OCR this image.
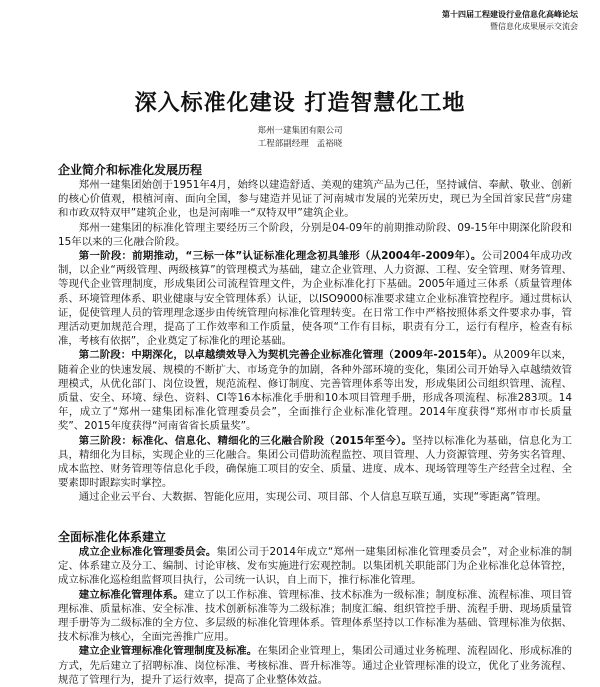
第十四届工程建设行业信息化高峰论坛
暨信息化成果展示交流会
深入标准化建设 打造智慧化工地
郑州一建集团有限公司
工程部副经理   孟裕晓
企业简介和标准化发展历程

郑州一建集团始创于1951年4月，始终以建造舒适、美观的建筑产品为己任，坚持诚信、奉献、敬业、创新的核心价值观，根植河南、面向全国，参与建造并见证了河南城市发展的光荣历史，现已为全国首家民营“房建和市政双特双甲”建筑企业，也是河南唯一“双特双甲”建筑企业。

郑州一建集团的标准化管理主要经历三个阶段，分别是04-09年的前期推动阶段、09-15年中期深化阶段和15年以来的三化融合阶段。

第一阶段：前期推动，“三标一体”认证标准化理念初具雏形（从2004年-2009年）。公司2004年成功改制，以企业“两级管理、两级核算”的管理模式为基础，建立企业管理、人力资源、工程、安全管理、财务管理、等现代企业管理制度，形成集团公司流程管理文件，为企业标准化打下基础。2005年通过三体系（质量管理体系、环境管理体系、职业健康与安全管理体系）认证，以ISO9000标准要求建立企业标准管控程序。通过贯标认证，促使管理人员的管理理念逐步由传统管理向标准化管理转变。在日常工作中严格按照体系文件要求办事，管理活动更加规范合理，提高了工作效率和工作质量，使各项“工作有目标，职责有分工，运行有程序，检查有标准，考核有依据”，企业奠定了标准化的理论基础。

第二阶段：中期深化，以卓越绩效导入为契机完善企业标准化管理（2009年-2015年）。从2009年以来，随着企业的快速发展、规模的不断扩大、市场竞争的加剧，各种外部环境的变化，集团公司开始导入卓越绩效管理模式，从优化部门、岗位设置，规范流程、修订制度、完善管理体系等出发，形成集团公司组织管理、流程、质量、安全、环境、绿色、资料、CI等16本标准化手册和10本项目管理手册，形成各项流程、标准283项。14年，成立了“郑州一建集团标准化管理委员会”，全面推行企业标准化管理。2014年度获得“郑州市市长质量奖”、2015年度获得“河南省省长质量奖”。

第三阶段：标准化、信息化、精细化的三化融合阶段（2015年至今）。坚持以标准化为基础，信息化为工具，精细化为目标，实现企业的三化融合。集团公司借助流程监控、项目管理、人力资源管理、劳务实名管理、成本监控、财务管理等信息化手段，确保施工项目的安全、质量、进度、成本、现场管理等生产经营全过程、全要素即时跟踪实时掌控。

通过企业云平台、大数据、智能化应用，实现公司、项目部、个人信息互联互通，实现“零距离”管理。

全面标准化体系建立

成立企业标准化管理委员会。集团公司于2014年成立“郑州一建集团标准化管理委员会”，对企业标准的制定、体系建立及分工、编制、讨论审核、发布实施进行宏观控制。以集团机关职能部门为企业标准化总体管控，成立标准化巡检组监督项目执行，公司统一认识，自上而下，推行标准化管理。

建立标准化管理体系。建立了以工作标准、管理标准、技术标准为一级标准；制度标准、流程标准、项目管理标准、质量标准、安全标准、技术创新标准等为二级标准；制度汇编、组织管控手册、流程手册、现场质量管理手册等为二级标准的全方位、多层级的标准化管理体系。管理体系坚持以工作标准为基础、管理标准为依据、技术标准为核心，全面完善推广应用。

建立企业管理标准化管理制度及标准。在集团企业管理上，集团公司通过业务梳理、流程固化、形成标准的方式，先后建立了招聘标准、岗位标准、考核标准、晋升标准等。通过企业管理标准的设立，优化了业务流程、规范了管理行为，提升了运行效率，提高了企业整体效益。
